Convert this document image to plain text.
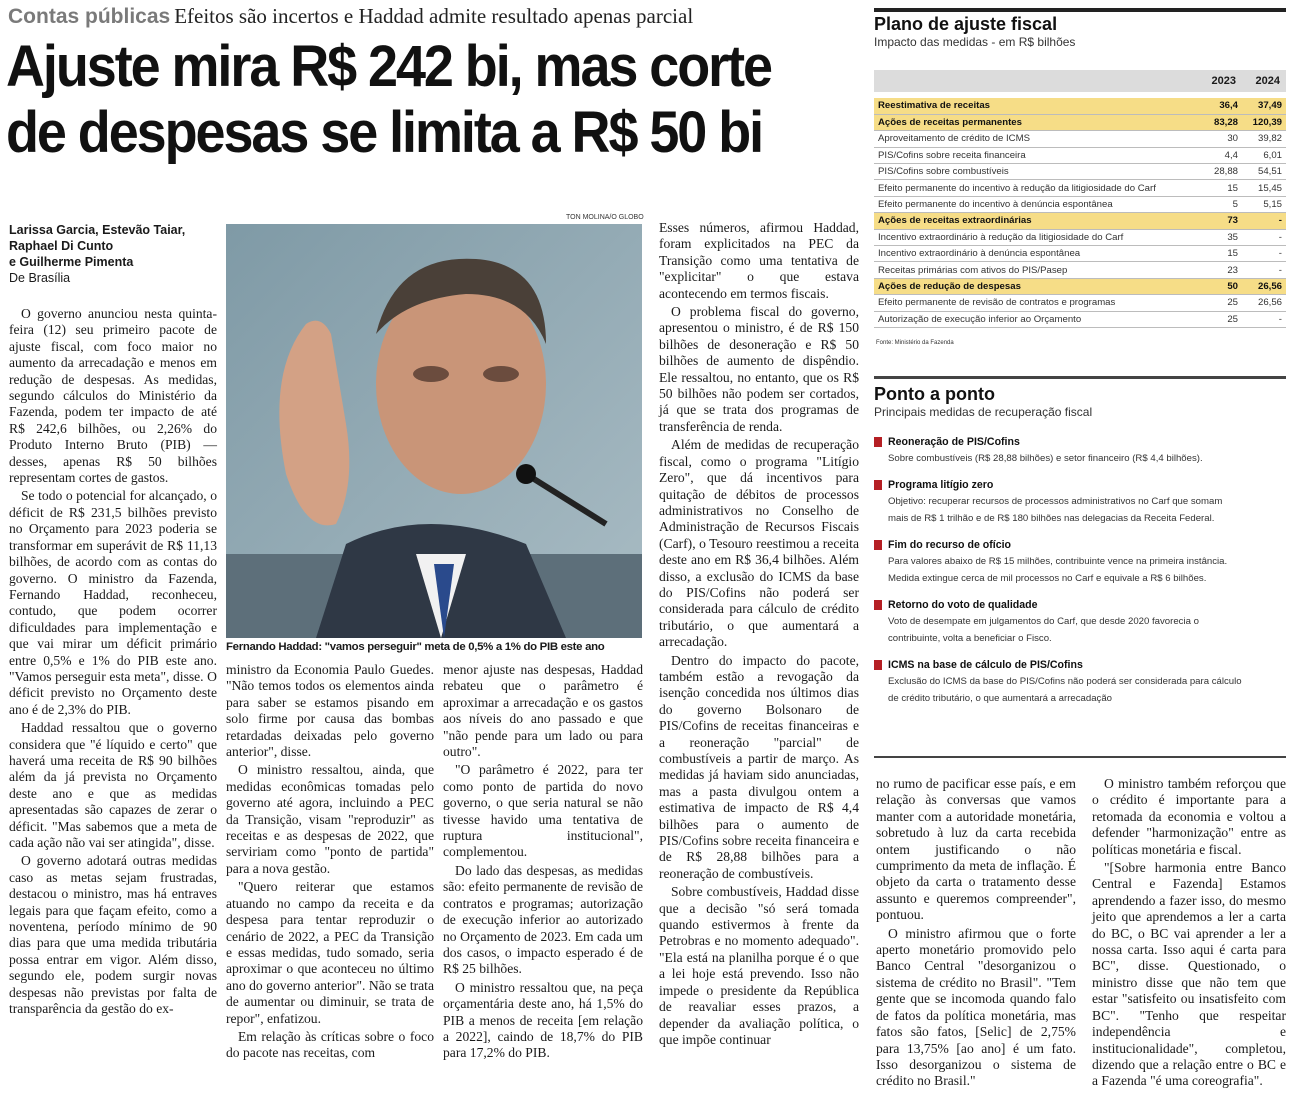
Contas públicas Efeitos são incertos e Haddad admite resultado apenas parcial
Ajuste mira R$ 242 bi, mas corte
de despesas se limita a R$ 50 bi
Larissa Garcia, Estevão Taiar,
Raphael Di Cunto
e Guilherme Pimenta
De Brasília

O governo anunciou nesta quinta-feira (12) seu primeiro pacote de ajuste fiscal, com foco maior no aumento da arrecadação e menos em redução de despesas. As medidas, segundo cálculos do Ministério da Fazenda, podem ter impacto de até R$ 242,6 bilhões, ou 2,26% do Produto Interno Bruto (PIB) — desses, apenas R$ 50 bilhões representam cortes de gastos.

Se todo o potencial for alcançado, o déficit de R$ 231,5 bilhões previsto no Orçamento para 2023 poderia se transformar em superávit de R$ 11,13 bilhões, de acordo com as contas do governo. O ministro da Fazenda, Fernando Haddad, reconheceu, contudo, que podem ocorrer dificuldades para implementação e que vai mirar um déficit primário entre 0,5% e 1% do PIB este ano. "Vamos perseguir esta meta", disse. O déficit previsto no Orçamento deste ano é de 2,3% do PIB.

Haddad ressaltou que o governo considera que "é líquido e certo" que haverá uma receita de R$ 90 bilhões além da já prevista no Orçamento deste ano e que as medidas apresentadas são capazes de zerar o déficit. "Mas sabemos que a meta de cada ação não vai ser atingida", disse.

O governo adotará outras medidas caso as metas sejam frustradas, destacou o ministro, mas há entraves legais para que façam efeito, como a noventena, período mínimo de 90 dias para que uma medida tributária possa entrar em vigor. Além disso, segundo ele, podem surgir novas despesas não previstas por falta de transparência da gestão do ex-

TON MOLINA/O GLOBO
Fernando Haddad: "vamos perseguir" meta de 0,5% a 1% do PIB este ano

ministro da Economia Paulo Guedes. "Não temos todos os elementos ainda para saber se estamos pisando em solo firme por causa das bombas retardadas deixadas pelo governo anterior", disse.

O ministro ressaltou, ainda, que medidas econômicas tomadas pelo governo até agora, incluindo a PEC da Transição, visam "reproduzir" as receitas e as despesas de 2022, que serviriam como "ponto de partida" para a nova gestão.

"Quero reiterar que estamos atuando no campo da receita e da despesa para tentar reproduzir o cenário de 2022, a PEC da Transição e essas medidas, tudo somado, seria aproximar o que aconteceu no último ano do governo anterior". Não se trata de aumentar ou diminuir, se trata de repor", enfatizou.

Em relação às críticas sobre o foco do pacote nas receitas, com

menor ajuste nas despesas, Haddad rebateu que o parâmetro é aproximar a arrecadação e os gastos aos níveis do ano passado e que "não pende para um lado ou para outro".

"O parâmetro é 2022, para ter como ponto de partida do novo governo, o que seria natural se não tivesse havido uma tentativa de ruptura institucional", complementou.

Do lado das despesas, as medidas são: efeito permanente de revisão de contratos e programas; autorização de execução inferior ao autorizado no Orçamento de 2023. Em cada um dos casos, o impacto esperado é de R$ 25 bilhões.

O ministro ressaltou que, na peça orçamentária deste ano, há 1,5% do PIB a menos de receita [em relação a 2022], caindo de 18,7% do PIB para 17,2% do PIB.

Esses números, afirmou Haddad, foram explicitados na PEC da Transição como uma tentativa de "explicitar" o que estava acontecendo em termos fiscais.

O problema fiscal do governo, apresentou o ministro, é de R$ 150 bilhões de desoneração e R$ 50 bilhões de aumento de dispêndio. Ele ressaltou, no entanto, que os R$ 50 bilhões não podem ser cortados, já que se trata dos programas de transferência de renda.

Além de medidas de recuperação fiscal, como o programa "Litígio Zero", que dá incentivos para quitação de débitos de processos administrativos no Conselho de Administração de Recursos Fiscais (Carf), o Tesouro reestimou a receita deste ano em R$ 36,4 bilhões. Além disso, a exclusão do ICMS da base do PIS/Cofins não poderá ser considerada para cálculo de crédito tributário, o que aumentará a arrecadação.

Dentro do impacto do pacote, também estão a revogação da isenção concedida nos últimos dias do governo Bolsonaro de PIS/Cofins de receitas financeiras e a reoneração "parcial" de combustíveis a partir de março. As medidas já haviam sido anunciadas, mas a pasta divulgou ontem a estimativa de impacto de R$ 4,4 bilhões para o aumento de PIS/Cofins sobre receita financeira e de R$ 28,88 bilhões para a reoneração de combustíveis.

Sobre combustíveis, Haddad disse que a decisão "só será tomada quando estivermos à frente da Petrobras e no momento adequado". "Ela está na planilha porque é o que a lei hoje está prevendo. Isso não impede o presidente da República de reavaliar esses prazos, a depender da avaliação política, o que impõe continuar

no rumo de pacificar esse país, e em relação às conversas que vamos manter com a autoridade monetária, sobretudo à luz da carta recebida ontem justificando o não cumprimento da meta de inflação. É objeto da carta o tratamento desse assunto e queremos compreender", pontuou.

O ministro afirmou que o forte aperto monetário promovido pelo Banco Central "desorganizou o sistema de crédito no Brasil". "Tem gente que se incomoda quando falo de fatos da política monetária, mas fatos são fatos, [Selic] de 2,75% para 13,75% [ao ano] é um fato. Isso desorganizou o sistema de crédito no Brasil."

O ministro também reforçou que o crédito é importante para a retomada da economia e voltou a defender "harmonização" entre as políticas monetária e fiscal.

"[Sobre harmonia entre Banco Central e Fazenda] Estamos aprendendo a fazer isso, do mesmo jeito que aprendemos a ler a carta do BC, o BC vai aprender a ler a nossa carta. Isso aqui é carta para BC", disse. Questionado, o ministro disse que não tem que estar "satisfeito ou insatisfeito com BC". "Tenho que respeitar independência e institucionalidade", completou, dizendo que a relação entre o BC e a Fazenda "é uma coreografia".

Plano de ajuste fiscal
Impacto das medidas - em R$ bilhões
	2023	2024

Reestimativa de receitas	36,4	37,49
Ações de receitas permanentes	83,28	120,39
Aproveitamento de crédito de ICMS	30	39,82
PIS/Cofins sobre receita financeira	4,4	6,01
PIS/Cofins sobre combustíveis	28,88	54,51
Efeito permanente do incentivo à redução da litigiosidade do Carf	15	15,45
Efeito permanente do incentivo à denúncia espontânea	5	5,15
Ações de receitas extraordinárias	73	-
Incentivo extraordinário à redução da litigiosidade do Carf	35	-
Incentivo extraordinário à denúncia espontânea	15	-
Receitas primárias com ativos do PIS/Pasep	23	-
Ações de redução de despesas	50	26,56
Efeito permanente de revisão de contratos e programas	25	26,56
Autorização de execução inferior ao Orçamento	25	-
Fonte: Ministério da Fazenda
Ponto a ponto
Principais medidas de recuperação fiscal
Reoneração de PIS/Cofins
Sobre combustíveis (R$ 28,88 bilhões) e setor financeiro (R$ 4,4 bilhões).
Programa litígio zero
Objetivo: recuperar recursos de processos administrativos no Carf que somam
mais de R$ 1 trilhão e de R$ 180 bilhões nas delegacias da Receita Federal.
Fim do recurso de ofício
Para valores abaixo de R$ 15 milhões, contribuinte vence na primeira instância.
Medida extingue cerca de mil processos no Carf e equivale a R$ 6 bilhões.
Retorno do voto de qualidade
Voto de desempate em julgamentos do Carf, que desde 2020 favorecia o
contribuinte, volta a beneficiar o Fisco.
ICMS na base de cálculo de PIS/Cofins
Exclusão do ICMS da base do PIS/Cofins não poderá ser considerada para cálculo
de crédito tributário, o que aumentará a arrecadação
